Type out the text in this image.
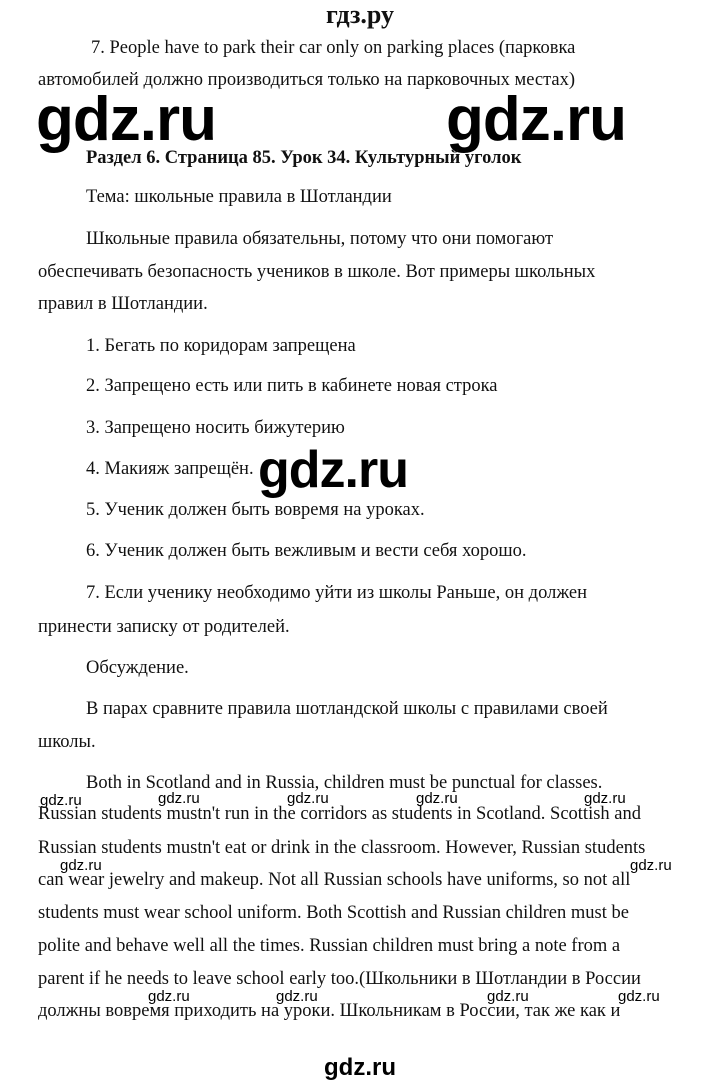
гдз.ру
7. People have to park their car only on parking places (парковка
автомобилей должно производиться только на парковочных местах)
gdz.ru	gdz.ru
Раздел 6. Страница 85. Урок 34. Культурный уголок
Тема: школьные правила в Шотландии
Школьные правила обязательны, потому что они помогают
обеспечивать безопасность учеников в школе. Вот примеры школьных
правил в Шотландии.
1. Бегать по коридорам запрещена
2. Запрещено есть или пить в кабинете новая строка
3. Запрещено носить бижутерию
4. Макияж запрещён.
5. Ученик должен быть вовремя на уроках.
6. Ученик должен быть вежливым и вести себя хорошо.
7. Если ученику необходимо уйти из школы Раньше, он должен
принести записку от родителей.
gdz.ru
Обсуждение.
В парах сравните правила шотландской школы с правилами своей
школы.
Both in Scotland and in Russia, children must be punctual for classes.
Russian students mustn't run in the corridors as students in Scotland. Scottish and
Russian students mustn't eat or drink in the classroom. However, Russian students
can wear jewelry and makeup. Not all Russian schools have uniforms, so not all
students must wear school uniform. Both Scottish and Russian children must be
polite and behave well all the times. Russian children must bring a note from a
parent if he needs to leave school early too.(Школьники в Шотландии в России
должны вовремя приходить на уроки. Школьникам в России, так же как и
gdz.ru	gdz.ru	gdz.ru	gdz.ru	gdz.ru
gdz.ru	gdz.ru
gdz.ru	gdz.ru	gdz.ru	gdz.ru
gdz.ru
